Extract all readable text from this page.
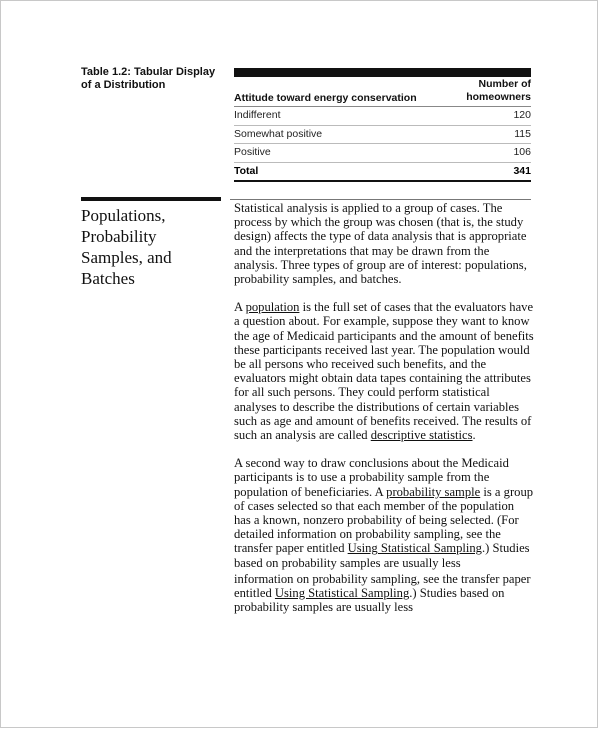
Table 1.2: Tabular Display of a Distribution
Attitude toward energy conservation
Number of
homeowners
Indifferent	120
Somewhat positive	115
Positive	106
Total	341
Populations, Probability Samples, and Batches

Statistical analysis is applied to a group of cases. The process by which the group was chosen (that is, the study design) affects the type of data analysis that is appropriate and the interpretations that may be drawn from the analysis. Three types of group are of interest: populations, probability samples, and batches.

A population is the full set of cases that the evaluators have a question about. For example, suppose they want to know the age of Medicaid participants and the amount of benefits these participants received last year. The population would be all persons who received such benefits, and the evaluators might obtain data tapes containing the attributes for all such persons. They could perform statistical analyses to describe the distributions of certain variables such as age and amount of benefits received. The results of such an analysis are called descriptive statistics.

A second way to draw conclusions about the Medicaid participants is to use a probability sample from the population of beneficiaries. A probability sample is a group of cases selected so that each member of the population has a known, nonzero probability of being selected. (For detailed information on probability sampling, see the transfer paper entitled Using Statistical Sampling.) Studies based on probability samples are usually less

information on probability sampling, see the transfer paper entitled Using Statistical Sampling.) Studies based on probability samples are usually less
